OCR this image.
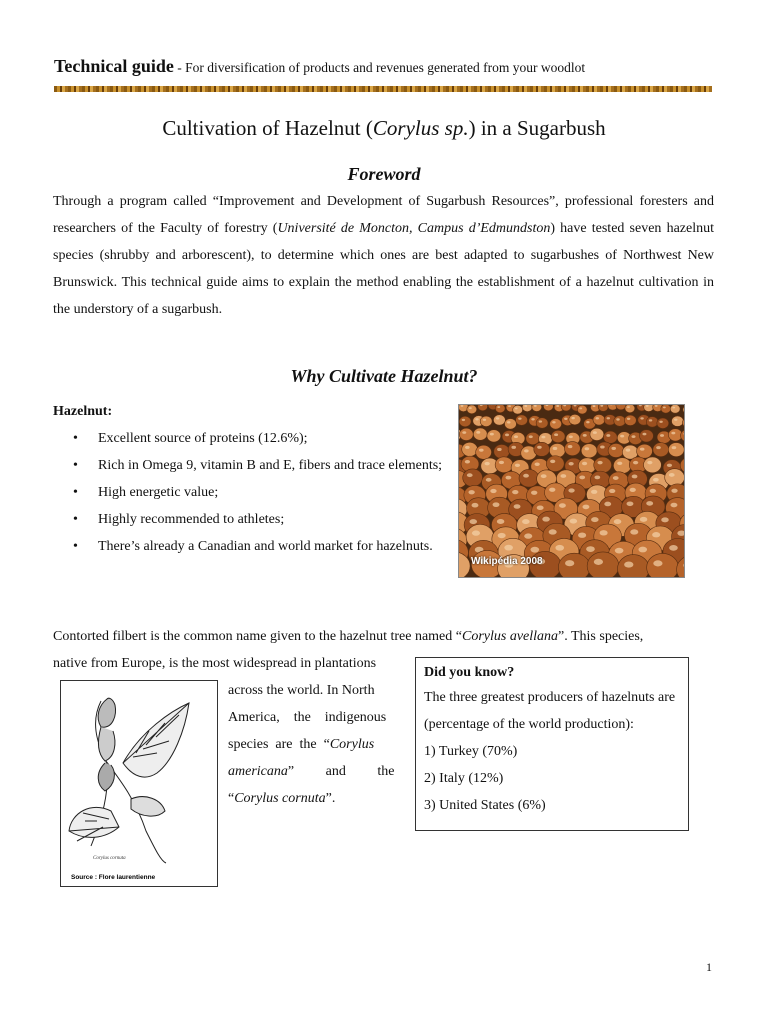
Technical guide - For diversification of products and revenues generated from your woodlot
Cultivation of Hazelnut (Corylus sp.) in a Sugarbush
Foreword
Through a program called “Improvement and Development of Sugarbush Resources”, professional foresters and researchers of the Faculty of forestry (Université de Moncton, Campus d’Edmundston) have tested seven hazelnut species (shrubby and arborescent), to determine which ones are best adapted to sugarbushes of Northwest New Brunswick. This technical guide aims to explain the method enabling the establishment of a hazelnut cultivation in the understory of a sugarbush.
Why Cultivate Hazelnut?
Hazelnut:
• Excellent source of proteins (12.6%);
• Rich in Omega 9, vitamin B and E, fibers and trace elements;
• High energetic value;
• Highly recommended to athletes;
• There’s already a Canadian and world market for hazelnuts.
Wikipédia 2008
Contorted filbert is the common name given to the hazelnut tree named “Corylus avellana”. This species,
native from Europe, is the most widespread in plantations
Corylus cornuta
Source : Flore laurentienne
across the world. In North
America,    the    indigenous
species  are  the  “Corylus
americana”         and         the
“Corylus cornuta”.
Did you know?
The three greatest producers of hazelnuts are (percentage of the world production):
1) Turkey (70%)
2) Italy (12%)
3) United States (6%)
1
